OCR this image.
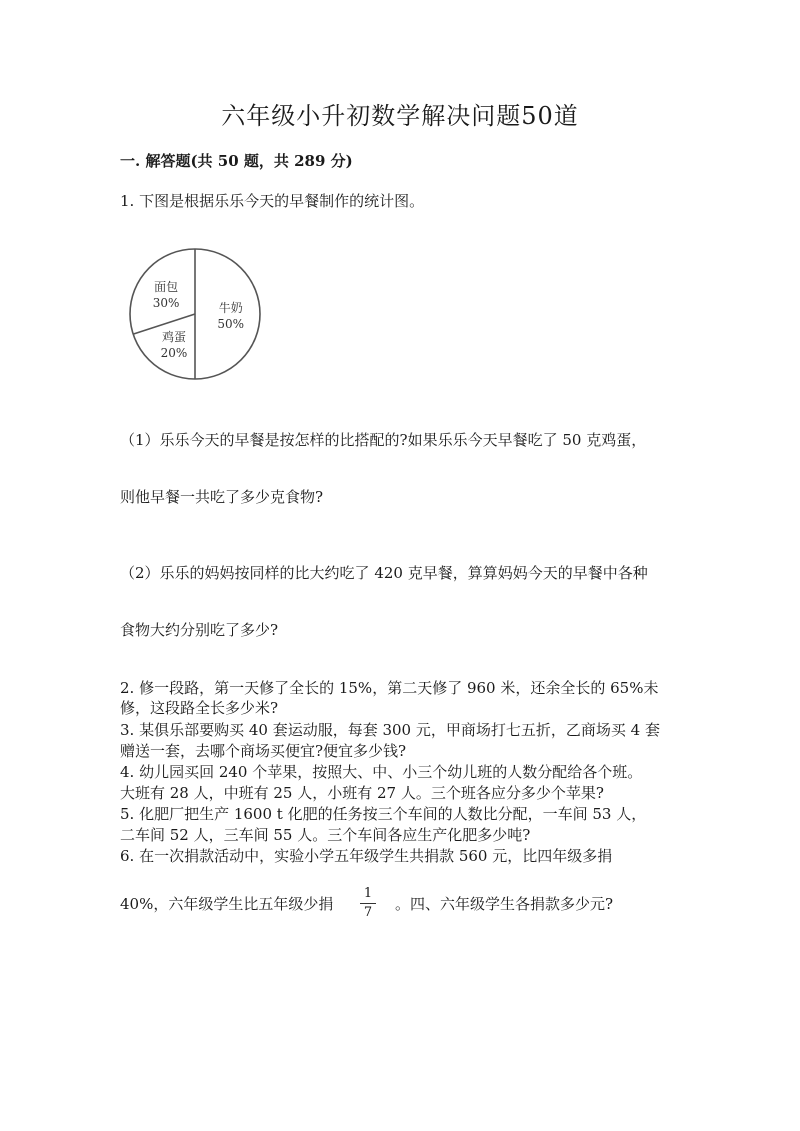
六年级小升初数学解决问题50道
一. 解答题(共 50 题，共 289 分)
1. 下图是根据乐乐今天的早餐制作的统计图。
牛奶
50%
鸡蛋
20%
面包
30%
（1）乐乐今天的早餐是按怎样的比搭配的?如果乐乐今天早餐吃了 50 克鸡蛋，
则他早餐一共吃了多少克食物?
（2）乐乐的妈妈按同样的比大约吃了 420 克早餐，算算妈妈今天的早餐中各种
食物大约分别吃了多少?
2. 修一段路，第一天修了全长的 15%，第二天修了 960 米，还余全长的 65%未
修，这段路全长多少米?
3. 某俱乐部要购买 40 套运动服，每套 300 元，甲商场打七五折，乙商场买 4 套
赠送一套，去哪个商场买便宜?便宜多少钱?
4. 幼儿园买回 240 个苹果，按照大、中、小三个幼儿班的人数分配给各个班。
大班有 28 人，中班有 25 人，小班有 27 人。三个班各应分多少个苹果?
5. 化肥厂把生产 1600 t 化肥的任务按三个车间的人数比分配，一车间 53 人，
二车间 52 人，三车间 55 人。三个车间各应生产化肥多少吨?
6. 在一次捐款活动中，实验小学五年级学生共捐款 560 元，比四年级多捐
40%，六年级学生比五年级少捐 $\frac{1}{7}$ 。四、六年级学生各捐款多少元?
